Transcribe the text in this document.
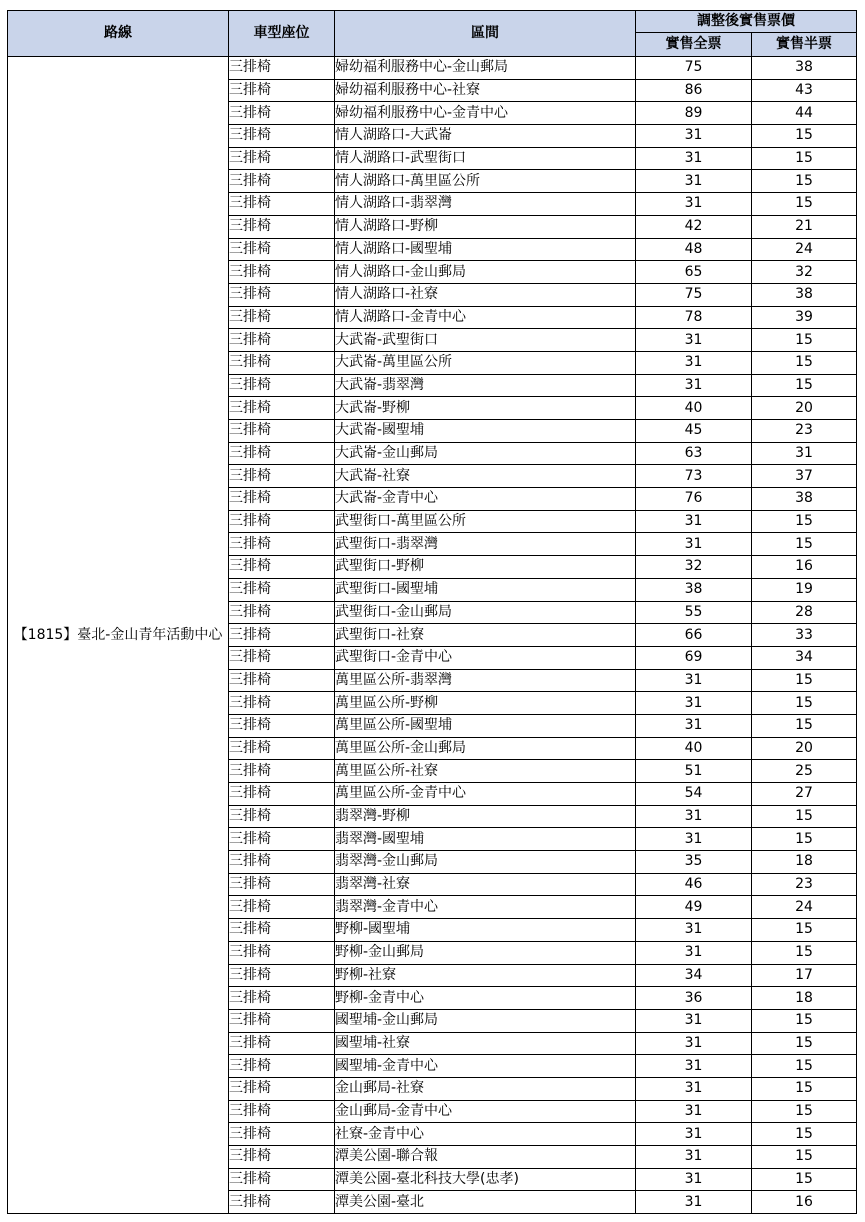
路線	車型座位	區間	調整後實售票價	
			實售全票	實售半票
【1815】臺北-金山青年活動中心	三排椅	婦幼福利服務中心-金山郵局	75	38
	三排椅	婦幼福利服務中心-社寮	86	43
	三排椅	婦幼福利服務中心-金青中心	89	44
	三排椅	情人湖路口-大武崙	31	15
	三排椅	情人湖路口-武聖街口	31	15
	三排椅	情人湖路口-萬里區公所	31	15
	三排椅	情人湖路口-翡翠灣	31	15
	三排椅	情人湖路口-野柳	42	21
	三排椅	情人湖路口-國聖埔	48	24
	三排椅	情人湖路口-金山郵局	65	32
	三排椅	情人湖路口-社寮	75	38
	三排椅	情人湖路口-金青中心	78	39
	三排椅	大武崙-武聖街口	31	15
	三排椅	大武崙-萬里區公所	31	15
	三排椅	大武崙-翡翠灣	31	15
	三排椅	大武崙-野柳	40	20
	三排椅	大武崙-國聖埔	45	23
	三排椅	大武崙-金山郵局	63	31
	三排椅	大武崙-社寮	73	37
	三排椅	大武崙-金青中心	76	38
	三排椅	武聖街口-萬里區公所	31	15
	三排椅	武聖街口-翡翠灣	31	15
	三排椅	武聖街口-野柳	32	16
	三排椅	武聖街口-國聖埔	38	19
	三排椅	武聖街口-金山郵局	55	28
	三排椅	武聖街口-社寮	66	33
	三排椅	武聖街口-金青中心	69	34
	三排椅	萬里區公所-翡翠灣	31	15
	三排椅	萬里區公所-野柳	31	15
	三排椅	萬里區公所-國聖埔	31	15
	三排椅	萬里區公所-金山郵局	40	20
	三排椅	萬里區公所-社寮	51	25
	三排椅	萬里區公所-金青中心	54	27
	三排椅	翡翠灣-野柳	31	15
	三排椅	翡翠灣-國聖埔	31	15
	三排椅	翡翠灣-金山郵局	35	18
	三排椅	翡翠灣-社寮	46	23
	三排椅	翡翠灣-金青中心	49	24
	三排椅	野柳-國聖埔	31	15
	三排椅	野柳-金山郵局	31	15
	三排椅	野柳-社寮	34	17
	三排椅	野柳-金青中心	36	18
	三排椅	國聖埔-金山郵局	31	15
	三排椅	國聖埔-社寮	31	15
	三排椅	國聖埔-金青中心	31	15
	三排椅	金山郵局-社寮	31	15
	三排椅	金山郵局-金青中心	31	15
	三排椅	社寮-金青中心	31	15
	三排椅	潭美公園-聯合報	31	15
	三排椅	潭美公園-臺北科技大學(忠孝)	31	15
	三排椅	潭美公園-臺北	31	16
